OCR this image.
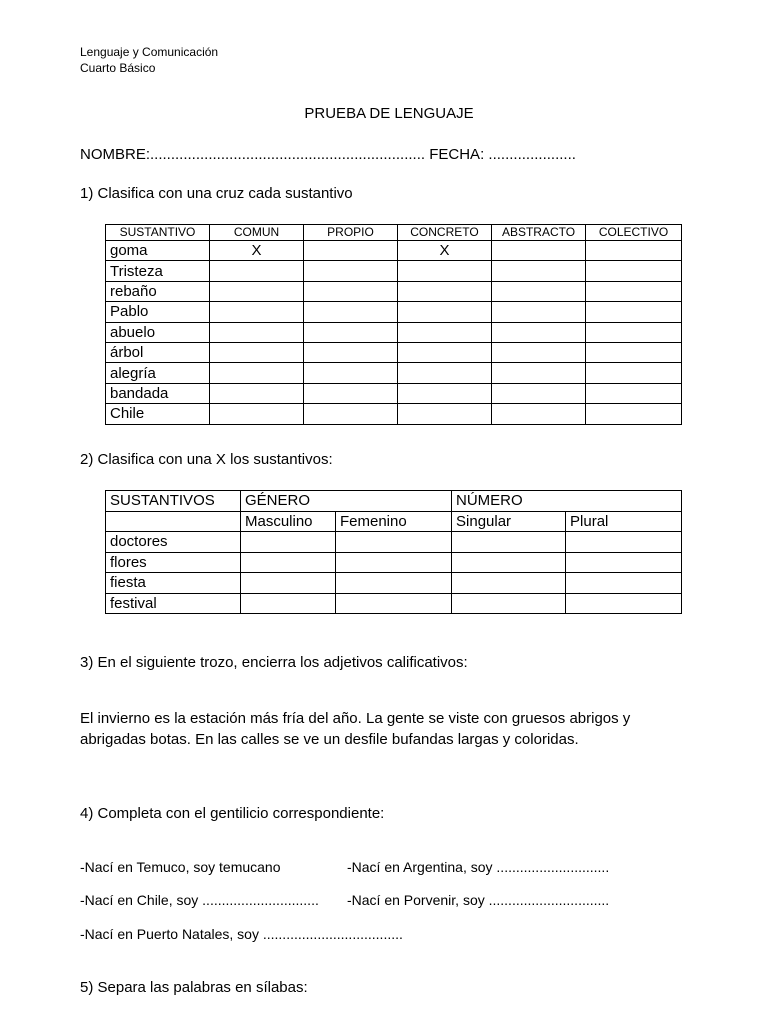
Lenguaje y Comunicación
Cuarto Básico
PRUEBA DE LENGUAJE
NOMBRE:.................................................................. FECHA: .....................
1) Clasifica con una cruz cada sustantivo
SUSTANTIVO	COMUN	PROPIO	CONCRETO	ABSTRACTO	COLECTIVO
goma	X		X		
Tristeza					
rebaño					
Pablo					
abuelo					
árbol					
alegría					
bandada					
Chile					
2) Clasifica con una X los sustantivos:
SUSTANTIVOS	GÉNERO		NÚMERO	
	Masculino	Femenino	Singular	Plural
doctores				
flores				
fiesta				
festival				
3) En el siguiente trozo, encierra los adjetivos calificativos:
El invierno es la estación más fría del año. La gente se viste con gruesos abrigos y abrigadas botas. En las calles se ve un desfile bufandas largas y coloridas.
4) Completa con el gentilicio correspondiente:
-Nací en Temuco, soy temucano	-Nací en Argentina, soy .............................
-Nací en Chile, soy .............................. -Nací en Porvenir, soy ...............................
-Nací en Puerto Natales, soy ....................................
5) Separa las palabras en sílabas:
